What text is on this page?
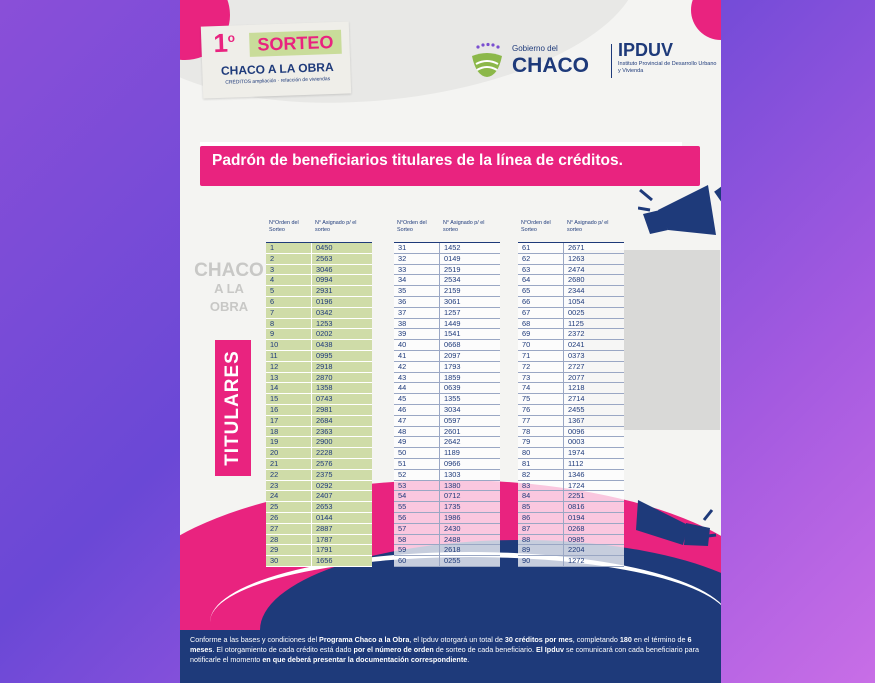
1$^o$	SORTEO
CHACO A LA OBRA
CRÉDITOS ampliación · refacción de viviendas
Gobierno del
CHACO
IPDUV
Instituto Provincial de Desarrollo Urbano y Vivienda
Padrón de beneficiarios titulares de la línea de créditos.
CHACO
A LA OBRA
TITULARES
N°Orden del Sorteo
N° Asignado p/ el sorteo
1	0450
2	2563
3	3046
4	0994
5	2931
6	0196
7	0342
8	1253
9	0202
10	0438
11	0995
12	2918
13	2870
14	1358
15	0743
16	2981
17	2684
18	2363
19	2900
20	2228
21	2576
22	2375
23	0292
24	2407
25	2653
26	0144
27	2887
28	1787
29	1791
30	1656
N°Orden del Sorteo
N° Asignado p/ el sorteo
31	1452
32	0149
33	2519
34	2534
35	2159
36	3061
37	1257
38	1449
39	1541
40	0668
41	2097
42	1793
43	1859
44	0639
45	1355
46	3034
47	0597
48	2601
49	2642
50	1189
51	0966
52	1303
53	1380
54	0712
55	1735
56	1986
57	2430
58	2488
59	2618
60	0255
N°Orden del Sorteo
N° Asignado p/ el sorteo
61	2671
62	1263
63	2474
64	2680
65	2344
66	1054
67	0025
68	1125
69	2372
70	0241
71	0373
72	2727
73	2077
74	1218
75	2714
76	2455
77	1367
78	0096
79	0003
80	1974
81	1112
82	1346
83	1724
84	2251
85	0816
86	0194
87	0268
88	0985
89	2204
90	1272
Conforme a las bases y condiciones del Programa Chaco a la Obra, el Ipduv otorgará un total de 30 créditos por mes, completando 180 en el término de 6 meses. El otorgamiento de cada crédito está dado por el número de orden de sorteo de cada beneficiario. El Ipduv se comunicará con cada beneficiario para notificarle el momento en que deberá presentar la documentación correspondiente.
